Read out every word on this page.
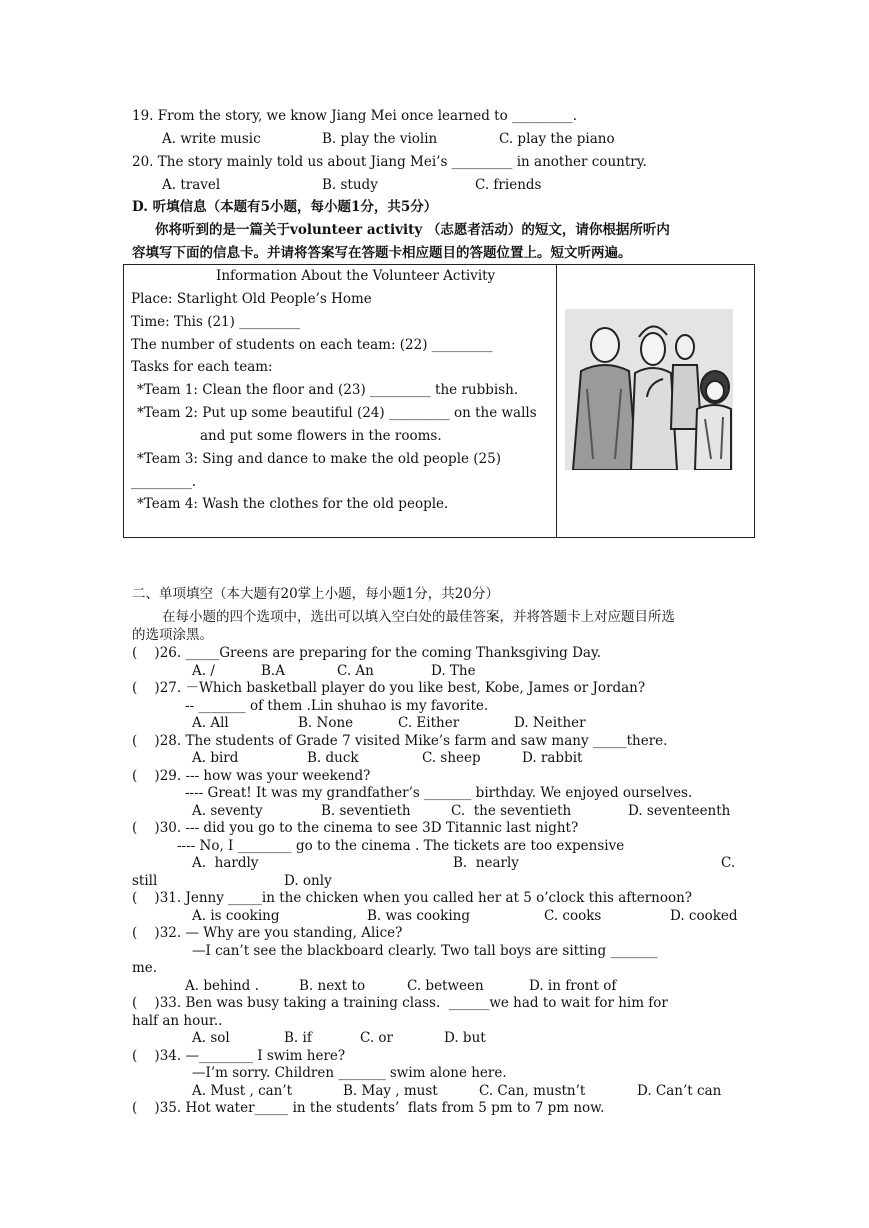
19. From the story, we know Jiang Mei once learned to _________.
A. write music	B. play the violin	C. play the piano
20. The story mainly told us about Jiang Mei’s _________ in another country.
A. travel	B. study	C. friends
D. 听填信息（本题有5小题，每小题1分，共5分）
你将听到的是一篇关于volunteer activity （志愿者活动）的短文，请你根据所听内
容填写下面的信息卡。并请将答案写在答题卡相应题目的答题位置上。短文听两遍。
Information About the Volunteer Activity
Place: Starlight Old People’s Home
Time: This (21) _________
The number of students on each team: (22) _________
Tasks for each team:
*Team 1: Clean the floor and (23) _________ the rubbish.
*Team 2: Put up some beautiful (24) _________ on the walls
and put some flowers in the rooms.
*Team 3: Sing and dance to make the old people (25)
_________.
*Team 4: Wash the clothes for the old people.
二、单项填空（本大题有20掌上小题，每小题1分，共20分）
在每小题的四个选项中，选出可以填入空白处的最佳答案，并将答题卡上对应题目所选
的选项涂黑。
(    )26. _____Greens are preparing for the coming Thanksgiving Day.
A. /	B.A	C. An	D. The
(    )27. －Which basketball player do you like best, Kobe, James or Jordan?
-- _______ of them .Lin shuhao is my favorite.
A. All	B. None	C. Either	D. Neither
(    )28. The students of Grade 7 visited Mike’s farm and saw many _____there.
A. bird	B. duck	C. sheep	D. rabbit
(    )29. --- how was your weekend?
---- Great! It was my grandfather’s _______ birthday. We enjoyed ourselves.
A. seventy	B. seventieth	C.  the seventieth	D. seventeenth
(    )30. --- did you go to the cinema to see 3D Titannic last night?
---- No, I ________ go to the cinema . The tickets are too expensive
A.  hardly	B.  nearly	C.
still	D. only
(    )31. Jenny _____in the chicken when you called her at 5 o’clock this afternoon?
A. is cooking	B. was cooking	C. cooks	D. cooked
(    )32. — Why are you standing, Alice?
—I can’t see the blackboard clearly. Two tall boys are sitting _______
me.
A. behind .	B. next to	C. between	D. in front of
(    )33. Ben was busy taking a training class.  ______we had to wait for him for
half an hour..
A. sol	B. if	C. or	D. but
(    )34. —________ I swim here?
—I’m sorry. Children _______ swim alone here.
A. Must , can’t	B. May , must	C. Can, mustn’t	D. Can’t can
(    )35. Hot water_____ in the students’  flats from 5 pm to 7 pm now.
